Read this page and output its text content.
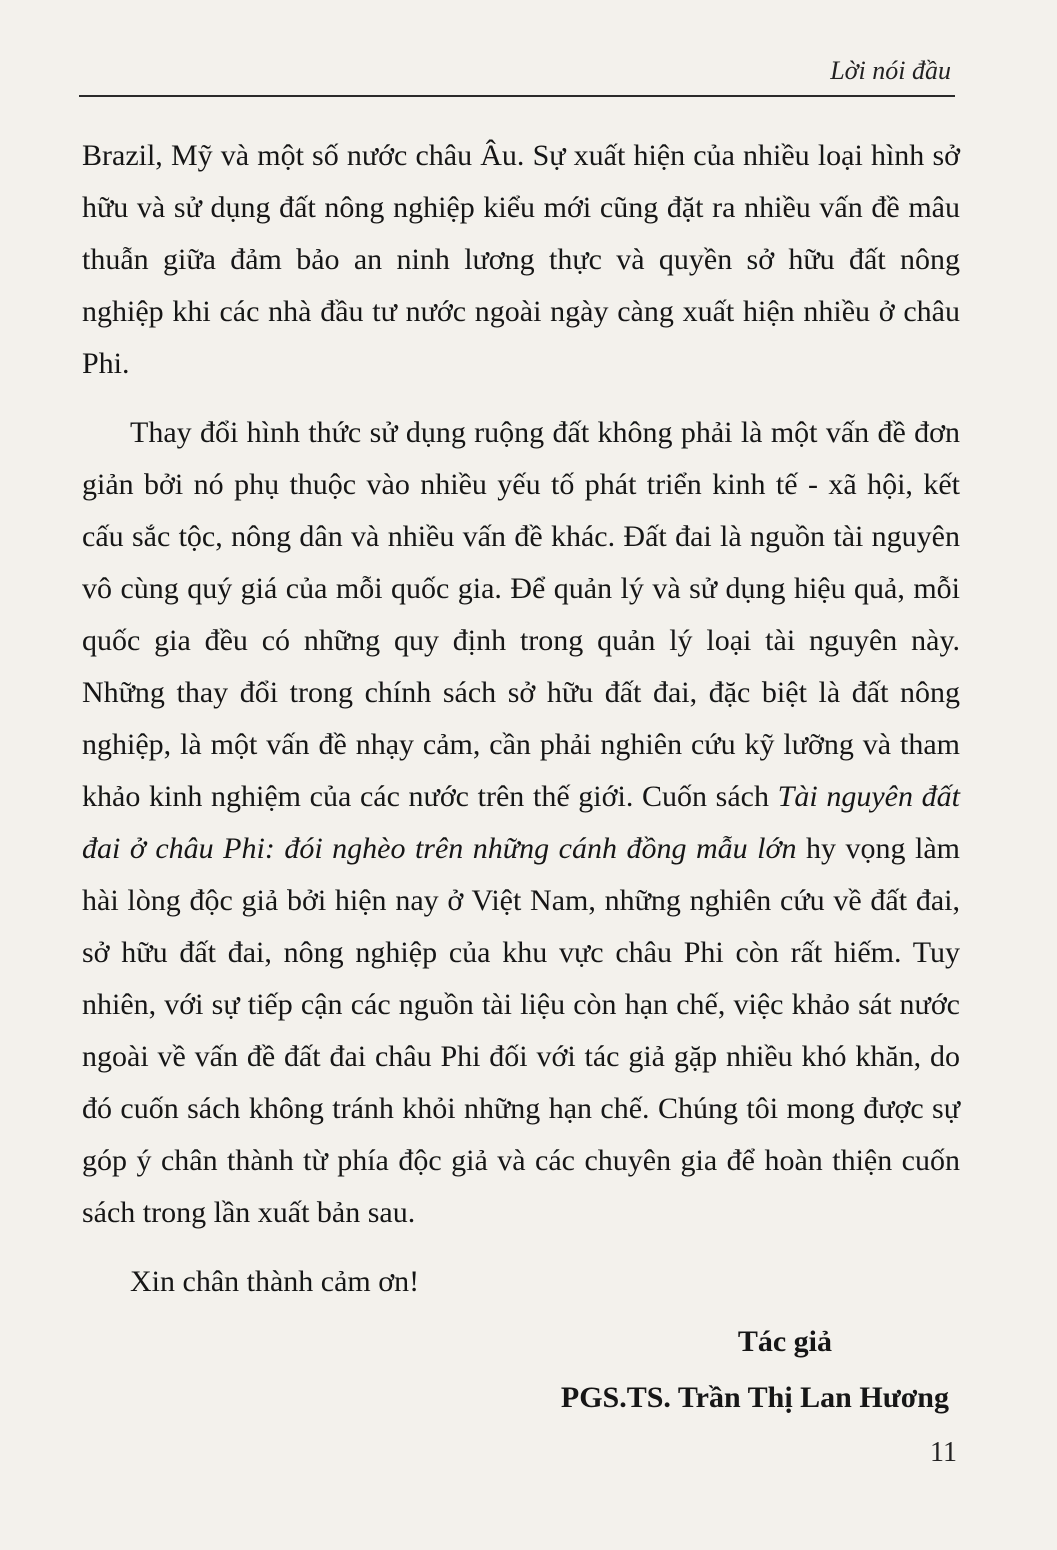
Lời nói đầu

Brazil, Mỹ và một số nước châu Âu. Sự xuất hiện của nhiều loại hình sở hữu và sử dụng đất nông nghiệp kiểu mới cũng đặt ra nhiều vấn đề mâu thuẫn giữa đảm bảo an ninh lương thực và quyền sở hữu đất nông nghiệp khi các nhà đầu tư nước ngoài ngày càng xuất hiện nhiều ở châu Phi.

Thay đổi hình thức sử dụng ruộng đất không phải là một vấn đề đơn giản bởi nó phụ thuộc vào nhiều yếu tố phát triển kinh tế - xã hội, kết cấu sắc tộc, nông dân và nhiều vấn đề khác. Đất đai là nguồn tài nguyên vô cùng quý giá của mỗi quốc gia. Để quản lý và sử dụng hiệu quả, mỗi quốc gia đều có những quy định trong quản lý loại tài nguyên này. Những thay đổi trong chính sách sở hữu đất đai, đặc biệt là đất nông nghiệp, là một vấn đề nhạy cảm, cần phải nghiên cứu kỹ lưỡng và tham khảo kinh nghiệm của các nước trên thế giới. Cuốn sách Tài nguyên đất đai ở châu Phi: đói nghèo trên những cánh đồng mẫu lớn hy vọng làm hài lòng độc giả bởi hiện nay ở Việt Nam, những nghiên cứu về đất đai, sở hữu đất đai, nông nghiệp của khu vực châu Phi còn rất hiếm. Tuy nhiên, với sự tiếp cận các nguồn tài liệu còn hạn chế, việc khảo sát nước ngoài về vấn đề đất đai châu Phi đối với tác giả gặp nhiều khó khăn, do đó cuốn sách không tránh khỏi những hạn chế. Chúng tôi mong được sự góp ý chân thành từ phía độc giả và các chuyên gia để hoàn thiện cuốn sách trong lần xuất bản sau.

Xin chân thành cảm ơn!

Tác giả
PGS.TS. Trần Thị Lan Hương
11
